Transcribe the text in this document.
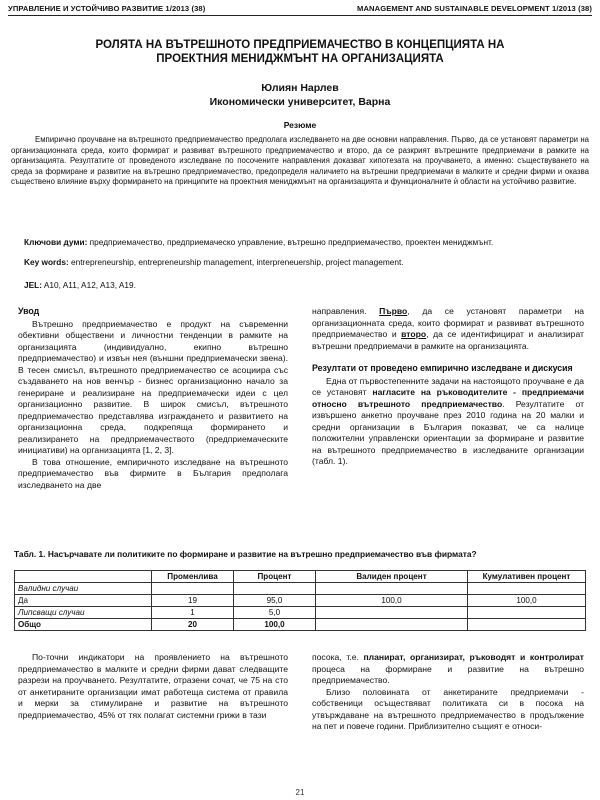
УПРАВЛЕНИЕ И УСТОЙЧИВО РАЗВИТИЕ 1/2013 (38)	MANAGEMENT AND SUSTAINABLE DEVELOPMENT 1/2013 (38)
РОЛЯТА НА ВЪТРЕШНОТО ПРЕДПРИЕМАЧЕСТВО В КОНЦЕПЦИЯТА НА
ПРОЕКТНИЯ МЕНИДЖМЪНТ НА ОРГАНИЗАЦИЯТА
Юлиян Нарлев
Икономически университет, Варна
Резюме
Емпирично проучване на вътрешното предприемачество предполага изследването на две основни направления. Първо, да се установят параметри на организационната среда, които формират и развиват вътрешното предприемачество и второ, да се разкрият вътрешните предприемачи в рамките на организацията. Резултатите от проведеното изследване по посочените направления доказват хипотезата на проучването, а именно: съществуването на среда за формиране и развитие на вътрешно предприемачество, предопределя наличието на вътрешни предприемачи в малките и средни фирми и оказва съществено влияние върху формирането на принципите на проектния мениджмънт на организацията и функционалните ѝ области на устойчиво развитие.
Ключови думи: предприемачество, предприемаческо управление, вътрешно предприемачество, проектен мениджмънт.
Key words: entrepreneurship, entrepreneurship management, interpreneuership, project management.
JEL: A10, A11, A12, A13, A19.
Увод

Вътрешно предприемачество е продукт на съвременни обективни обществени и личностни тенденции в рамките на организацията (индивидуално, екипно вътрешно предприемачество) и извън нея (външни предприемачески звена). В тесен смисъл, вътрешното предприемачество се асоциира със създаването на нов венчър - бизнес организационно начало за генериране и реализиране на предприемачески идеи с цел организационно развитие. В широк смисъл, вътрешното предприемачество представлява изграждането и развитието на организационна среда, подкрепяща формирането и реализирането на предприемачеството (предприемаческите инициативи) на организацията [1, 2, 3].

В това отношение, емпиричното изследване на вътрешното предприемачество във фирмите в България предполага изследването на две

направления. Първо, да се установят параметри на организационната среда, които формират и развиват вътрешното предприемачество и второ, да се идентифицират и анализират вътрешни предприемачи в рамките на организацията.

Резултати от проведено емпирично изследване и дискусия

Една от първостепенните задачи на настоящото проучване е да се установят нагласите на ръководителите - предприемачи относно вътрешното предприемачество. Резултатите от извършено анкетно проучване през 2010 година на 20 малки и средни организации в България показват, че са налице положителни управленски ориентации за формиране и развитие на вътрешното предприемачество в изследваните организации (табл. 1).

Табл. 1. Насърчавате ли политиките по формиране и развитие на вътрешно предприемачество във фирмата?
	Променлива	Процент	Валиден процент	Кумулативен процент
Валидни случаи				
Да	19	95,0	100,0	100,0
Липсващи случаи	1	5,0		
Общо	20	100,0		

По-точни индикатори на проявлението на вътрешното предприемачество в малките и средни фирми дават следващите разрези на проучването. Резултатите, отразени сочат, че 75 на сто от анкетираните организации имат работеща система от правила и мерки за стимулиране и развитие на вътрешното предприемачество, 45% от тях полагат системни грижи в тази

посока, т.е. планират, организират, ръководят и контролират процеса на формиране и развитие на вътрешно предприемачество.

Близо половината от анкетираните предприемачи - собственици осъществяват политиката си в посока на утвърждаване на вътрешното предприемачество в продължение на пет и повече години. Приблизително същият е относи-

21
